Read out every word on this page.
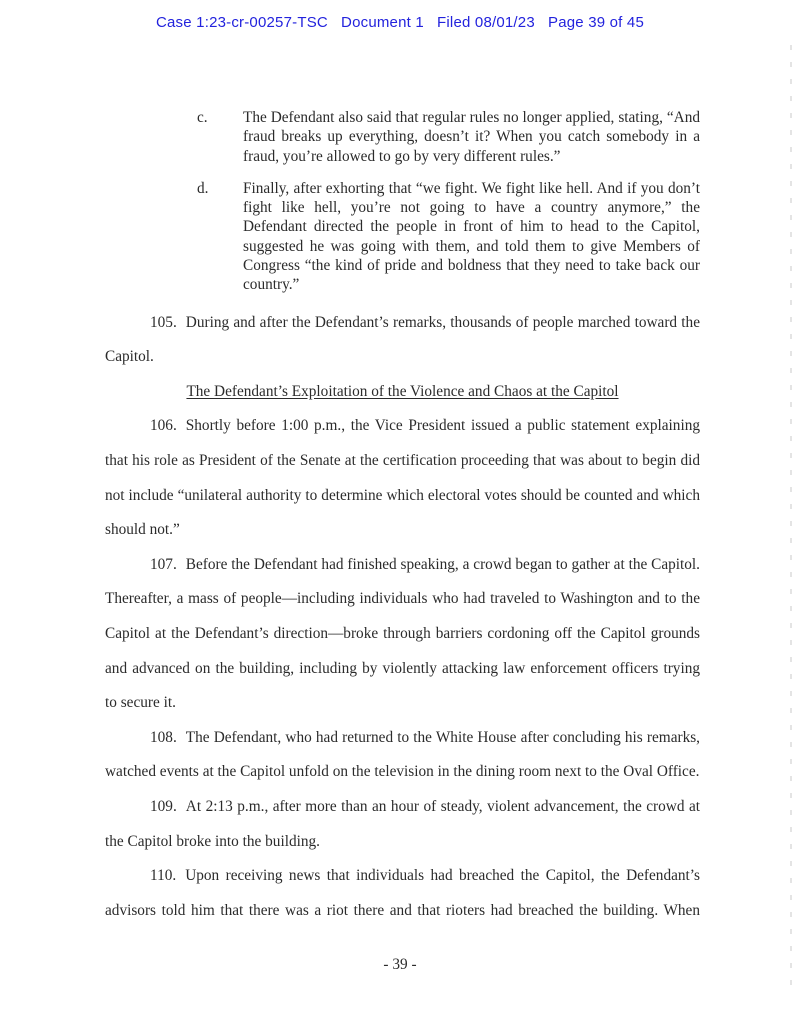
Case 1:23-cr-00257-TSC   Document 1   Filed 08/01/23   Page 39 of 45
c. The Defendant also said that regular rules no longer applied, stating, “And fraud breaks up everything, doesn’t it? When you catch somebody in a fraud, you’re allowed to go by very different rules.”
d. Finally, after exhorting that “we fight. We fight like hell. And if you don’t fight like hell, you’re not going to have a country anymore,” the Defendant directed the people in front of him to head to the Capitol, suggested he was going with them, and told them to give Members of Congress “the kind of pride and boldness that they need to take back our country.”
105. During and after the Defendant’s remarks, thousands of people marched toward the Capitol.
The Defendant’s Exploitation of the Violence and Chaos at the Capitol
106. Shortly before 1:00 p.m., the Vice President issued a public statement explaining that his role as President of the Senate at the certification proceeding that was about to begin did not include “unilateral authority to determine which electoral votes should be counted and which should not.”
107. Before the Defendant had finished speaking, a crowd began to gather at the Capitol. Thereafter, a mass of people—including individuals who had traveled to Washington and to the Capitol at the Defendant’s direction—broke through barriers cordoning off the Capitol grounds and advanced on the building, including by violently attacking law enforcement officers trying to secure it.
108. The Defendant, who had returned to the White House after concluding his remarks, watched events at the Capitol unfold on the television in the dining room next to the Oval Office.
109. At 2:13 p.m., after more than an hour of steady, violent advancement, the crowd at the Capitol broke into the building.
110. Upon receiving news that individuals had breached the Capitol, the Defendant’s advisors told him that there was a riot there and that rioters had breached the building. When
- 39 -
